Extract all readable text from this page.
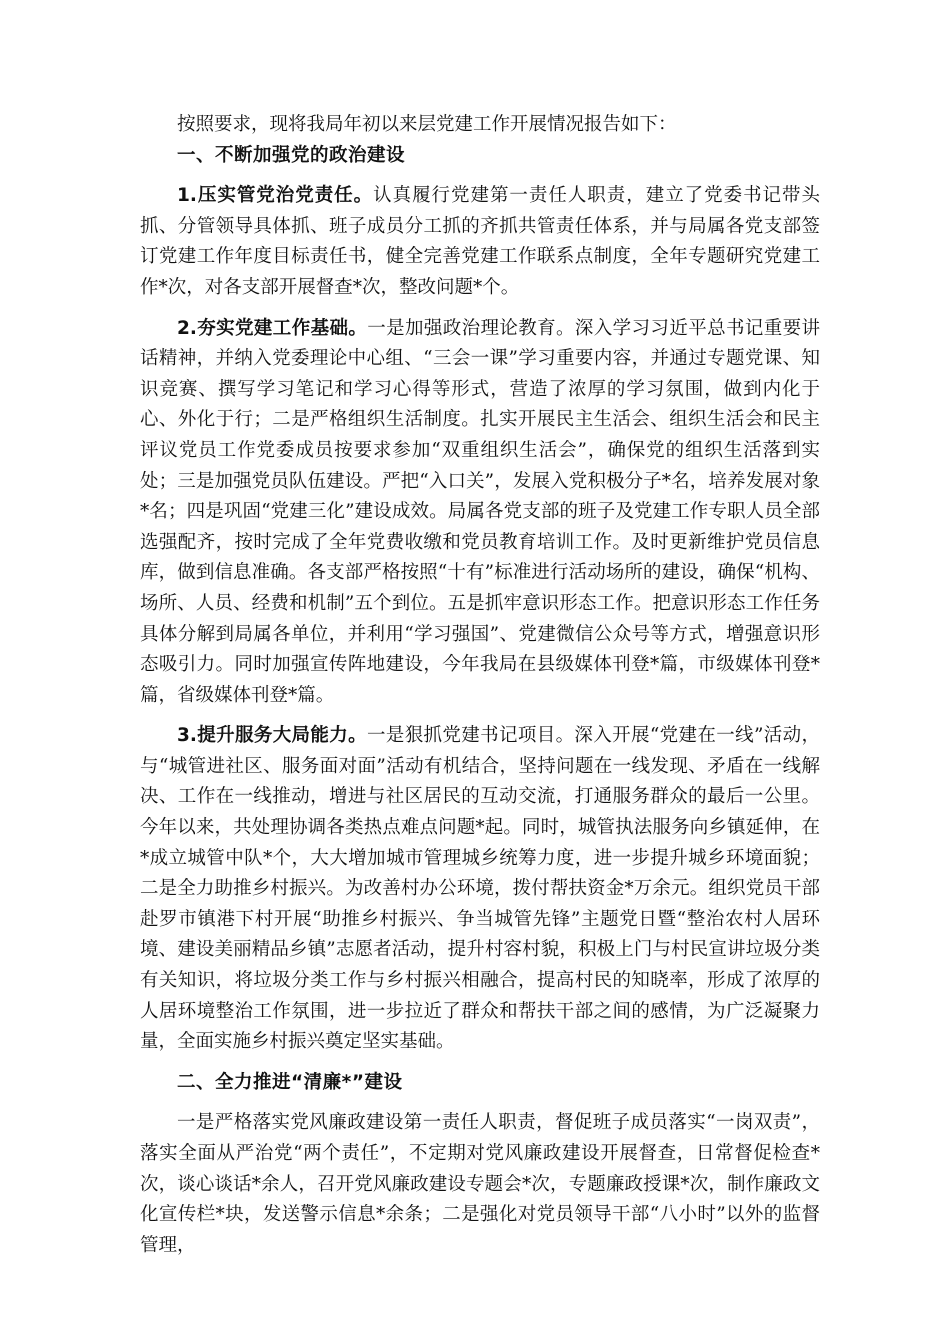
按照要求，现将我局年初以来层党建工作开展情况报告如下：

一、不断加强党的政治建设

1.压实管党治党责任。认真履行党建第一责任人职责，建立了党委书记带头抓、分管领导具体抓、班子成员分工抓的齐抓共管责任体系，并与局属各党支部签订党建工作年度目标责任书，健全完善党建工作联系点制度，全年专题研究党建工作*次，对各支部开展督查*次，整改问题*个。

2.夯实党建工作基础。一是加强政治理论教育。深入学习习近平总书记重要讲话精神，并纳入党委理论中心组、“三会一课”学习重要内容，并通过专题党课、知识竞赛、撰写学习笔记和学习心得等形式，营造了浓厚的学习氛围，做到内化于心、外化于行；二是严格组织生活制度。扎实开展民主生活会、组织生活会和民主评议党员工作党委成员按要求参加“双重组织生活会”，确保党的组织生活落到实处；三是加强党员队伍建设。严把“入口关”，发展入党积极分子*名，培养发展对象*名；四是巩固“党建三化”建设成效。局属各党支部的班子及党建工作专职人员全部选强配齐，按时完成了全年党费收缴和党员教育培训工作。及时更新维护党员信息库，做到信息准确。各支部严格按照“十有”标准进行活动场所的建设，确保“机构、场所、人员、经费和机制”五个到位。五是抓牢意识形态工作。把意识形态工作任务具体分解到局属各单位，并利用“学习强国”、党建微信公众号等方式，增强意识形态吸引力。同时加强宣传阵地建设，今年我局在县级媒体刊登*篇，市级媒体刊登*篇，省级媒体刊登*篇。

3.提升服务大局能力。一是狠抓党建书记项目。深入开展“党建在一线”活动，与“城管进社区、服务面对面”活动有机结合，坚持问题在一线发现、矛盾在一线解决、工作在一线推动，增进与社区居民的互动交流，打通服务群众的最后一公里。今年以来，共处理协调各类热点难点问题*起。同时，城管执法服务向乡镇延伸，在*成立城管中队*个，大大增加城市管理城乡统筹力度，进一步提升城乡环境面貌；二是全力助推乡村振兴。为改善村办公环境，拨付帮扶资金*万余元。组织党员干部赴罗市镇港下村开展“助推乡村振兴、争当城管先锋”主题党日暨“整治农村人居环境、建设美丽精品乡镇”志愿者活动，提升村容村貌，积极上门与村民宣讲垃圾分类有关知识，将垃圾分类工作与乡村振兴相融合，提高村民的知晓率，形成了浓厚的人居环境整治工作氛围，进一步拉近了群众和帮扶干部之间的感情，为广泛凝聚力量，全面实施乡村振兴奠定坚实基础。

二、全力推进“清廉*”建设

一是严格落实党风廉政建设第一责任人职责，督促班子成员落实“一岗双责”，落实全面从严治党“两个责任”，不定期对党风廉政建设开展督查，日常督促检查*次，谈心谈话*余人，召开党风廉政建设专题会*次，专题廉政授课*次，制作廉政文化宣传栏*块，发送警示信息*余条；二是强化对党员领导干部“八小时”以外的监督管理，
